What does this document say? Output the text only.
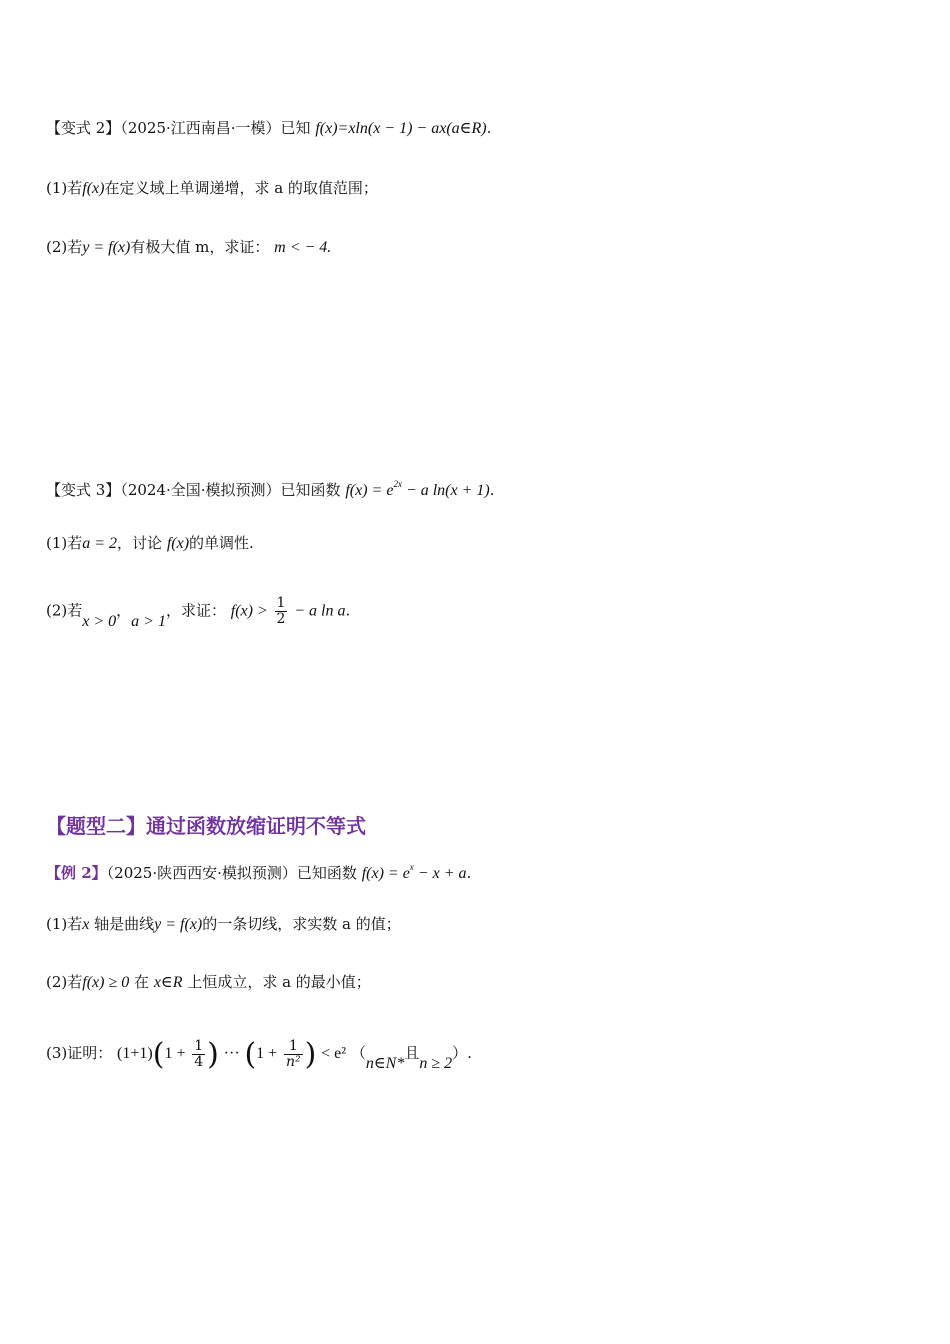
【变式 2】（2025·江西南昌·一模）已知 f(x)=xln(x − 1) − ax(a∈R).
(1)若f(x)在定义域上单调递增，求 a 的取值范围；
(2)若y = f(x)有极大值 m，求证： m < − 4.
【变式 3】（2024·全国·模拟预测）已知函数 $f(x) = e^{2x} - a$ ln(x + 1).
(1)若a = 2，讨论 f(x)的单调性.
(2)若x > 0，a > 1，求证： $f(x) > \frac{1}{2} - a$ ln a.
【题型二】通过函数放缩证明不等式
【例 2】（2025·陕西西安·模拟预测）已知函数 $f(x) = e^x - x + a$.
(1)若x 轴是曲线y = f(x)的一条切线，求实数 a 的值；
(2)若f(x) ≥ 0 在 x∈R 上恒成立，求 a 的最小值；
(3)证明： $(1+1)(1 + \frac{1}{4}$ ) ··· ($1 + \frac{1}{\text{n²}}$ ) < e² （n∈N*且n ≥ 2）.
